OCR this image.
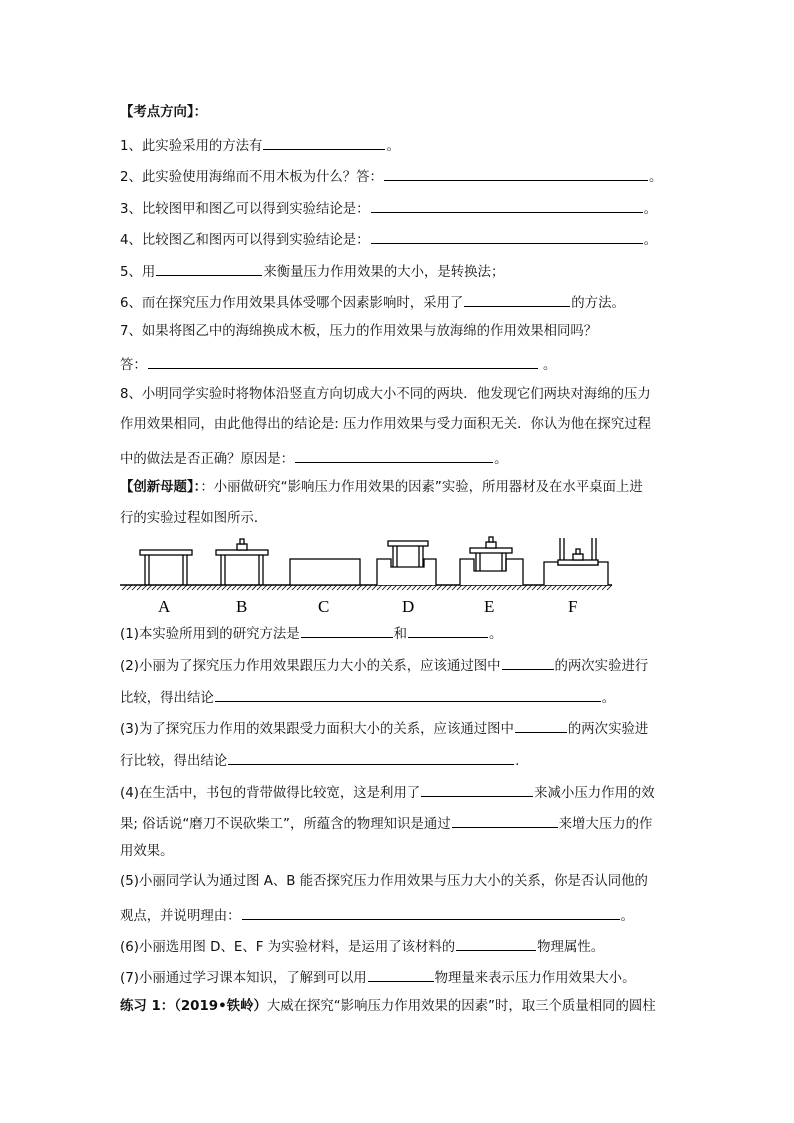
【考点方向】：
1、此实验采用的方法有	。
2、此实验使用海绵而不用木板为什么？答：	。
3、比较图甲和图乙可以得到实验结论是：	。
4、比较图乙和图丙可以得到实验结论是：	。
5、用	来衡量压力作用效果的大小，是转换法；
6、而在探究压力作用效果具体受哪个因素影响时，采用了	的方法。
7、如果将图乙中的海绵换成木板，压力的作用效果与放海绵的作用效果相同吗？
答：	。
8、小明同学实验时将物体沿竖直方向切成大小不同的两块．他发现它们两块对海绵的压力
作用效果相同，由此他得出的结论是: 压力作用效果与受力面积无关．你认为他在探究过程
中的做法是否正确？原因是：	。
【创新母题】：：小丽做研究“影响压力作用效果的因素”实验，所用器材及在水平桌面上进
行的实验过程如图所示．
A	B	C	D	E	F
(1)本实验所用到的研究方法是	和	。
(2)小丽为了探究压力作用效果跟压力大小的关系，应该通过图中	的两次实验进行
比较，得出结论	。
(3)为了探究压力作用的效果跟受力面积大小的关系，应该通过图中	的两次实验进
行比较，得出结论	.
(4)在生活中，书包的背带做得比较宽，这是利用了	来减小压力作用的效
果; 俗话说“磨刀不误砍柴工”，所蕴含的物理知识是通过	来增大压力的作
用效果。
(5)小丽同学认为通过图 A、B 能否探究压力作用效果与压力大小的关系，你是否认同他的
观点，并说明理由：	。
(6)小丽选用图 D、E、F 为实验材料，是运用了该材料的	物理属性。
(7)小丽通过学习课本知识，了解到可以用	物理量来表示压力作用效果大小。
练习 1：（2019•铁岭）大威在探究“影响压力作用效果的因素”时，取三个质量相同的圆柱
